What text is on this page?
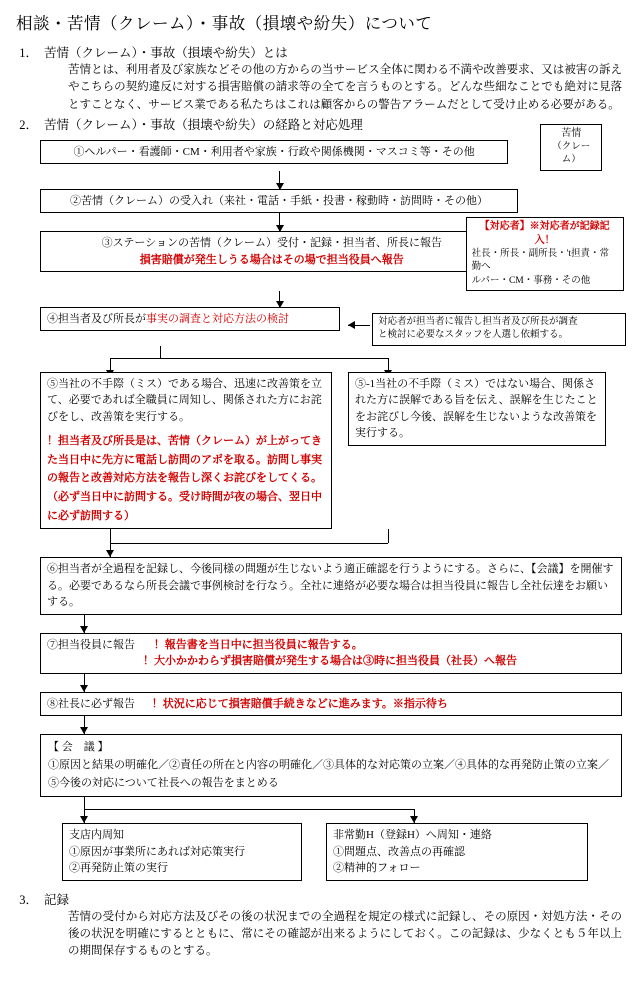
相談・苦情（クレーム）・事故（損壊や紛失）について
1． 苦情（クレーム）・事故（損壊や紛失）とは
苦情とは、利用者及び家族などその他の方からの当サービス全体に関わる不満や改善要求、又は被害の訴えやこちらの契約違反に対する損害賠償の請求等の全てを言うものとする。どんな些細なことでも絶対に見落とすことなく、サービス業である私たちはこれは顧客からの警告アラームだとして受け止める必要がある。
2． 苦情（クレーム）・事故（損壊や紛失）の経路と対応処理
①ヘルパー・看護師・CM・利用者や家族・行政や関係機関・マスコミ等・その他
苦情
（クレーム）
②苦情（クレーム）の受入れ（来社・電話・手紙・投書・稼動時・訪問時・その他）
③ステーションの苦情（クレーム）受付・記録・担当者、所長に報告
損害賠償が発生しうる場合はその場で担当役員へ報告
【対応者】※対応者が記録記入！
社長・所長・副所長・'t担責・常勤へ
ルパー・CM・事務・その他
④担当者及び所長が事実の調査と対応方法の検討	対応者が担当者に報告し担当者及び所長が調査
と検討に必要なスタッフを人選し依頼する。
⑤当社の不手際（ミス）である場合、迅速に改善策を立て、必要であれば全職員に周知し、関係された方にお詫びをし、改善策を実行する。
！担当者及び所長是は、苦情（クレーム）が上がってきた当日中に先方に電話し訪問のアポを取る。訪問し事実の報告と改善対応方法を報告し深くお詫びをしてくる。（必ず当日中に訪問する。受け時間が夜の場合、翌日中に必ず訪問する）
⑤-1当社の不手際（ミス）ではない場合、関係された方に誤解である旨を伝え、誤解を生じたことをお詫びし今後、誤解を生じないような改善策を実行する。
⑥担当者が全過程を記録し、今後同様の問題が生じないよう適正確認を行うようにする。さらに、【会議】を開催する。必要であるなら所長会議で事例検討を行なう。全社に連絡が必要な場合は担当役員に報告し全社伝達をお願いする。
⑦担当役員に報告 ！報告書を当日中に担当役員に報告する。
！大小かかわらず損害賠償が発生する場合は③時に担当役員（社長）へ報告
⑧社長に必ず報告 ！状況に応じて損害賠償手続きなどに進みます。※指示待ち
【 会　議 】
①原因と結果の明確化／②責任の所在と内容の明確化／③具体的な対応策の立案／④具体的な再発防止策の立案／⑤今後の対応について社長への報告をまとめる
支店内周知
①原因が事業所にあれば対応策実行
②再発防止策の実行
非常勤H（登録H）へ周知・連絡
①問題点、改善点の再確認
②精神的フォロー
3． 記録
苦情の受付から対応方法及びその後の状況までの全過程を規定の様式に記録し、その原因・対処方法・その後の状況を明確にするとともに、常にその確認が出来るようにしておく。この記録は、少なくとも５年以上の期間保存するものとする。
